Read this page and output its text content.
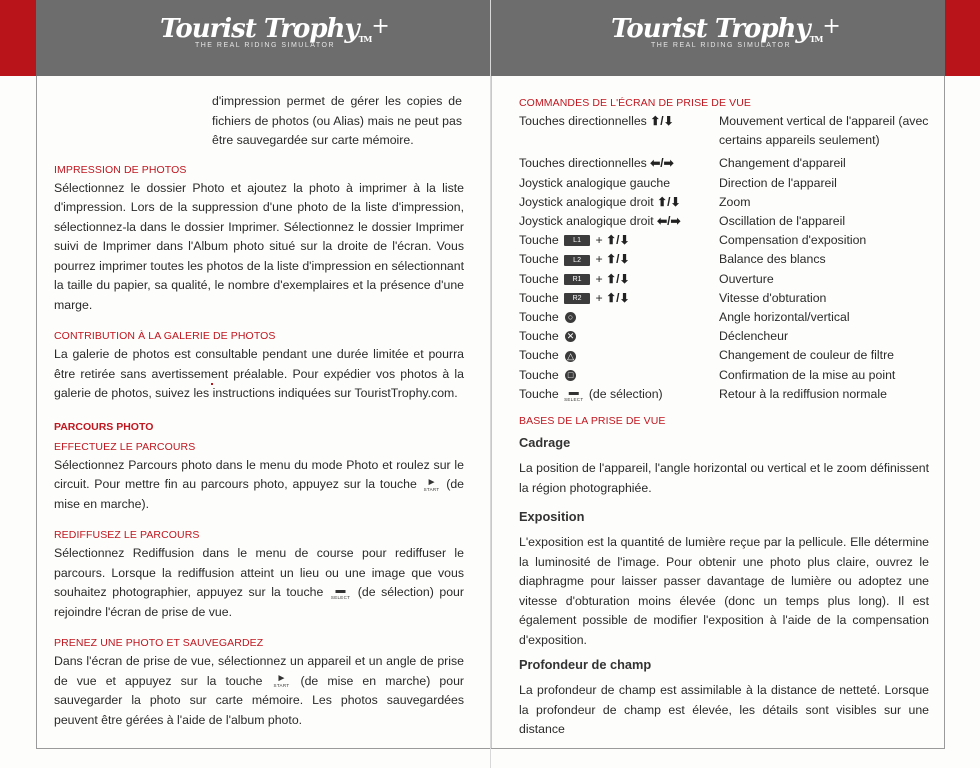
Tourist TrophyTM+
THE REAL RIDING SIMULATOR

d'impression permet de gérer les copies de fichiers de photos (ou Alias) mais ne peut pas être sauvegardée sur carte mémoire.

IMPRESSION DE PHOTOS

Sélectionnez le dossier Photo et ajoutez la photo à imprimer à la liste d'impression. Lors de la suppression d'une photo de la liste d'impression, sélectionnez-la dans le dossier Imprimer. Sélectionnez le dossier Imprimer suivi de Imprimer dans l'Album photo situé sur la droite de l'écran. Vous pourrez imprimer toutes les photos de la liste d'impression en sélectionnant la taille du papier, sa qualité, le nombre d'exemplaires et la présence d'une marge.

CONTRIBUTION À LA GALERIE DE PHOTOS

La galerie de photos est consultable pendant une durée limitée et pourra être retirée sans avertissement préalable. Pour expédier vos photos à la galerie de photos, suivez les instructions indiquées sur TouristTrophy.com.

PARCOURS PHOTO
EFFECTUEZ LE PARCOURS

Sélectionnez Parcours photo dans le menu du mode Photo et roulez sur le circuit. Pour mettre fin au parcours photo, appuyez sur la touche ►
START (de mise en marche).

REDIFFUSEZ LE PARCOURS

Sélectionnez Rediffusion dans le menu de course pour rediffuser le parcours. Lorsque la rediffusion atteint un lieu ou une image que vous souhaitez photographier, appuyez sur la touche	▬
SELECT (de sélection) pour rejoindre l'écran de prise de vue.

PRENEZ UNE PHOTO ET SAUVEGARDEZ

Dans l'écran de prise de vue, sélectionnez un appareil et un angle de prise de vue et appuyez sur la touche ►
START (de mise en marche) pour sauvegarder la photo sur carte mémoire. Les photos sauvegardées peuvent être gérées à l'aide de l'album photo.

Tourist TrophyTM+
THE REAL RIDING SIMULATOR
COMMANDES DE L'ÉCRAN DE PRISE DE VUE
Touches directionnelles ⬆/⬇	Mouvement vertical de l'appareil (avec certains appareils seulement)
Touches directionnelles ⬅/➡	Changement d'appareil
Joystick analogique gauche	Direction de l'appareil
Joystick analogique droit ⬆/⬇	Zoom
Joystick analogique droit ⬅/➡	Oscillation de l'appareil
Touche L1 + ⬆/⬇	Compensation d'exposition
Touche L2 + ⬆/⬇	Balance des blancs
Touche R1 + ⬆/⬇	Ouverture
Touche R2 + ⬆/⬇	Vitesse d'obturation
Touche ○	Angle horizontal/vertical
Touche ✕	Déclencheur
Touche △	Changement de couleur de filtre
Touche □	Confirmation de la mise au point
Touche ▬
SELECT (de sélection)	Retour à la rediffusion normale
BASES DE LA PRISE DE VUE
Cadrage

La position de l'appareil, l'angle horizontal ou vertical et le zoom définissent la région photographiée.

Exposition

L'exposition est la quantité de lumière reçue par la pellicule. Elle détermine la luminosité de l'image. Pour obtenir une photo plus claire, ouvrez le diaphragme pour laisser passer davantage de lumière ou adoptez une vitesse d'obturation moins élevée (donc un temps plus long). Il est également possible de modifier l'exposition à l'aide de la compensation d'exposition.

Profondeur de champ

La profondeur de champ est assimilable à la distance de netteté. Lorsque la profondeur de champ est élevée, les détails sont visibles sur une distance
